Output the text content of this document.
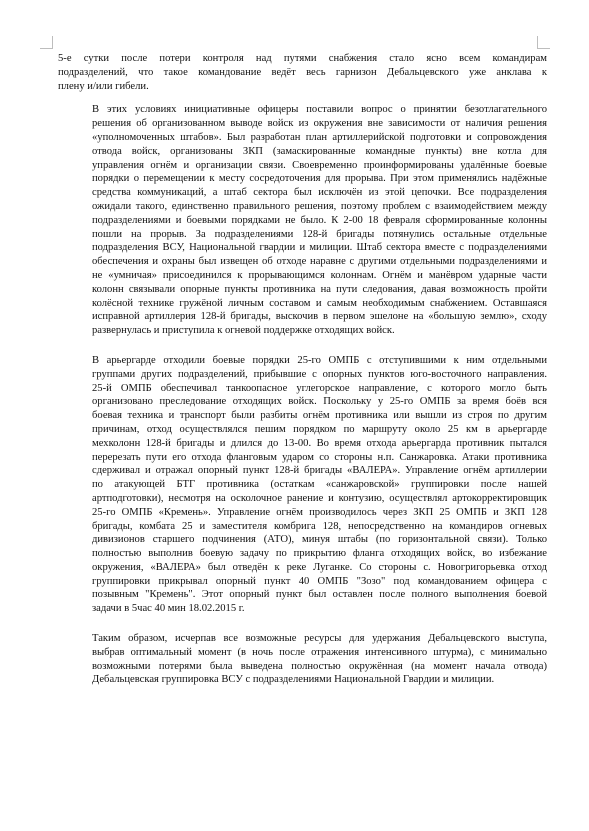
5-е сутки после потери контроля над путями снабжения стало ясно всем командирам
подразделений, что такое командование ведёт весь гарнизон Дебальцевского уже анклава к
плену и/или гибели.
В этих условиях инициативные офицеры поставили вопрос о принятии безотлагательного
решения об организованном выводе войск из окружения вне зависимости от наличия решения
«уполномоченных штабов». Был разработан план артиллерийской подготовки и сопровождения
отвода войск, организованы ЗКП (замаскированные командные пункты) вне котла для
управления огнём и организации связи. Своевременно проинформированы удалённые боевые
порядки о перемещении к месту сосредоточения для прорыва. При этом применялись надёжные
средства коммуникаций, а штаб сектора был исключён из этой цепочки. Все подразделения
ожидали такого, единственно правильного решения, поэтому проблем с взаимодействием между
подразделениями и боевыми порядками не было. К 2-00 18 февраля сформированные колонны
пошли на прорыв. За подразделениями 128-й бригады потянулись остальные отдельные
подразделения ВСУ, Национальной гвардии и милиции. Штаб сектора вместе с подразделениями
обеспечения и охраны был извещен об отходе наравне с другими отдельными подразделениями и
не «умничая» присоединился к прорывающимся колоннам. Огнём и манёвром ударные части
колонн связывали опорные пункты противника на пути следования, давая возможность пройти
колёсной технике гружёной личным составом и самым необходимым снабжением. Оставшаяся
исправной артиллерия 128-й бригады, выскочив в первом эшелоне на «большую землю», сходу
развернулась и приступила к огневой поддержке отходящих войск.
В арьергарде отходили боевые порядки 25-го ОМПБ с отступившими к ним отдельными
группами других подразделений, прибывшие с опорных пунктов юго-восточного направления.
25-й ОМПБ обеспечивал танкоопасное углегорское направление, с которого могло быть
организовано преследование отходящих войск. Поскольку у 25-го ОМПБ за время боёв вся
боевая техника и транспорт были разбиты огнём противника или вышли из строя по другим
причинам, отход осуществлялся пешим порядком по маршруту около 25 км в арьергарде
мехколонн 128-й бригады и длился до 13-00. Во время отхода арьергарда противник пытался
перерезать пути его отхода фланговым ударом со стороны н.п. Санжаровка. Атаки противника
сдерживал и отражал опорный пункт 128-й бригады «ВАЛЕРА». Управление огнём артиллерии
по атакующей БТГ противника (остаткам «санжаровской» группировки после нашей
артподготовки), несмотря на осколочное ранение и контузию, осуществлял артокорректировщик
25-го ОМПБ «Кремень». Управление огнём производилось через ЗКП 25 ОМПБ и ЗКП 128
бригады, комбата 25 и заместителя комбрига 128, непосредственно на командиров огневых
дивизионов старшего подчинения (АТО), минуя штабы (по горизонтальной связи). Только
полностью выполнив боевую задачу по прикрытию фланга отходящих войск, во избежание
окружения, «ВАЛЕРА» был отведён к реке Луганке. Со стороны с. Новогригорьевка отход
группировки прикрывал опорный пункт 40 ОМПБ "Зозо" под командованием офицера с
позывным "Кремень". Этот опорный пункт был оставлен после полного выполнения боевой
задачи в 5час 40 мин 18.02.2015 г.
Таким образом, исчерпав все возможные ресурсы для удержания Дебальцевского выступа,
выбрав оптимальный момент (в ночь после отражения интенсивного штурма), с минимально
возможными потерями была выведена полностью окружённая (на момент начала отвода)
Дебальцевская группировка ВСУ с подразделениями Национальной Гвардии и милиции.
